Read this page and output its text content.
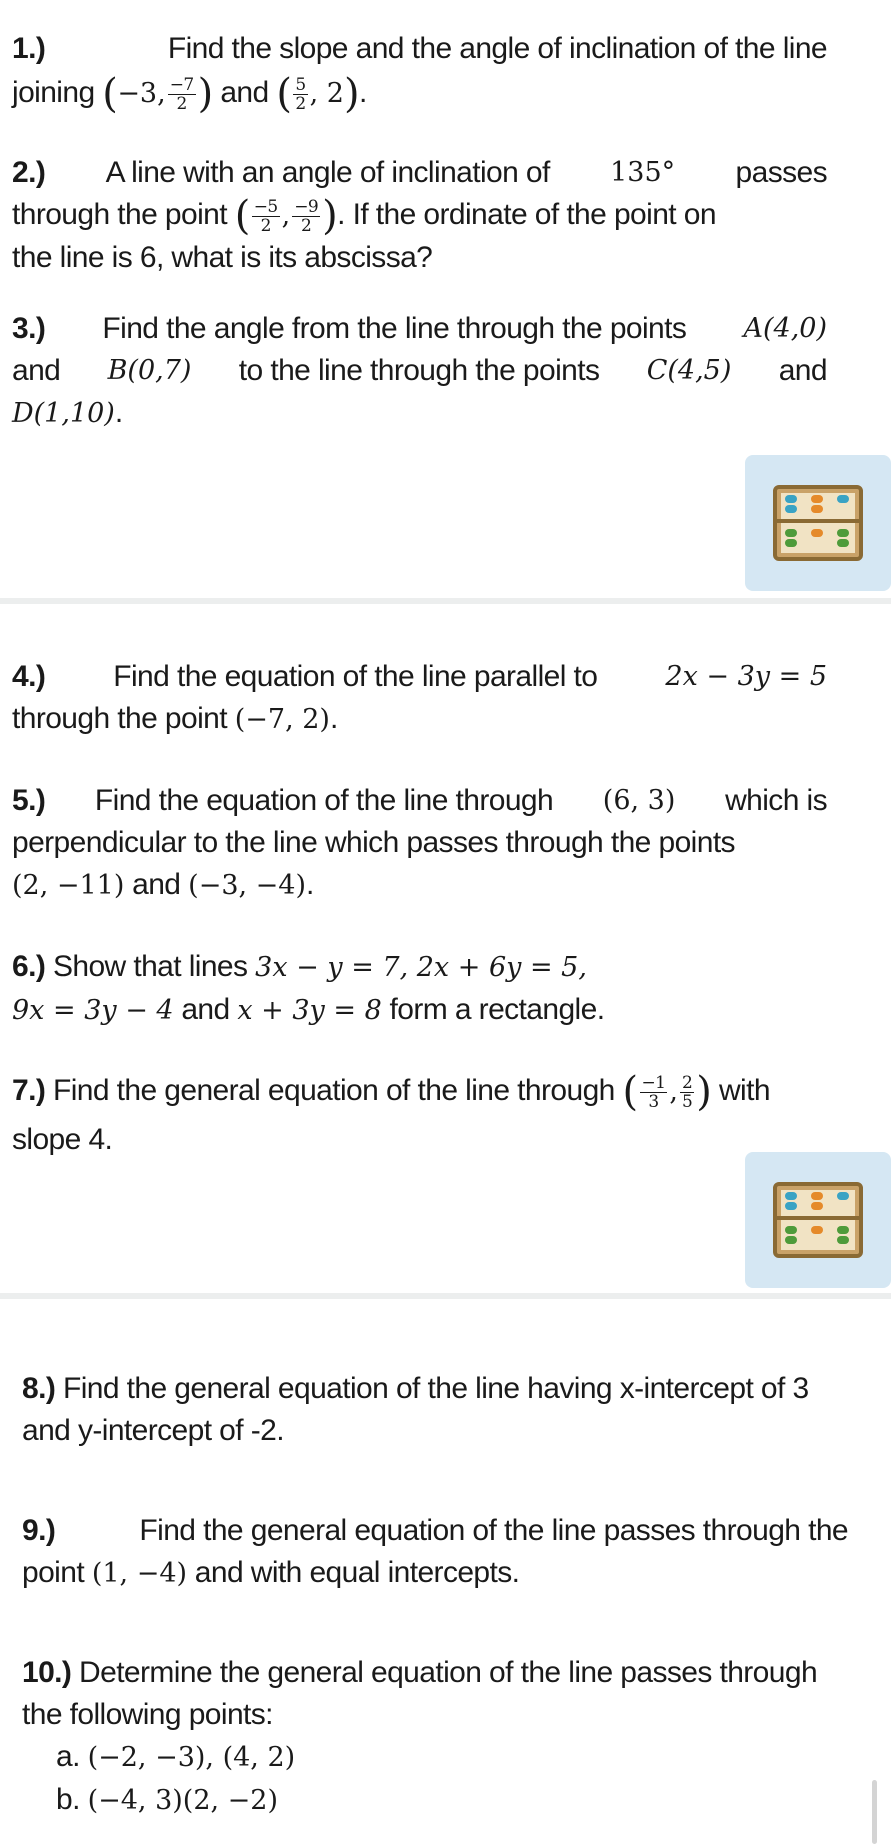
1.)	Find the slope and the angle of inclination of the line
joining (−3, $\frac{-7}{2}$ ) and ( $\frac{5}{2}$ , 2).
2.) A line with an angle of inclination of 135° passes
through the point ( $\frac{-5}{2}$ , $\frac{-9}{2}$ ). If the ordinate of the point on
the line is 6, what is its abscissa?
3.) Find the angle from the line through the points A(4,0)
and B(0,7) to the line through the points C(4,5) and
D(1,10).
4.) Find the equation of the line parallel to	2x − 3y = 5
through the point (−7, 2).
5.) Find the equation of the line through (6, 3) which is
perpendicular to the line which passes through the points
(2, −11) and (−3, −4).
6.) Show that lines 3x − y = 7, 2x + 6y = 5,
9x = 3y − 4 and x + 3y = 8 form a rectangle.
7.) Find the general equation of the line through ( $\frac{-1}{3}$ , $\frac{2}{5}$ ) with
slope 4.
8.) Find the general equation of the line having x-intercept of 3
and y-intercept of -2.
9.)	Find the general equation of the line passes through the
point (1, −4) and with equal intercepts.
10.) Determine the general equation of the line passes through
the following points:
a. (−2, −3), (4, 2)
b. (−4, 3)(2, −2)
